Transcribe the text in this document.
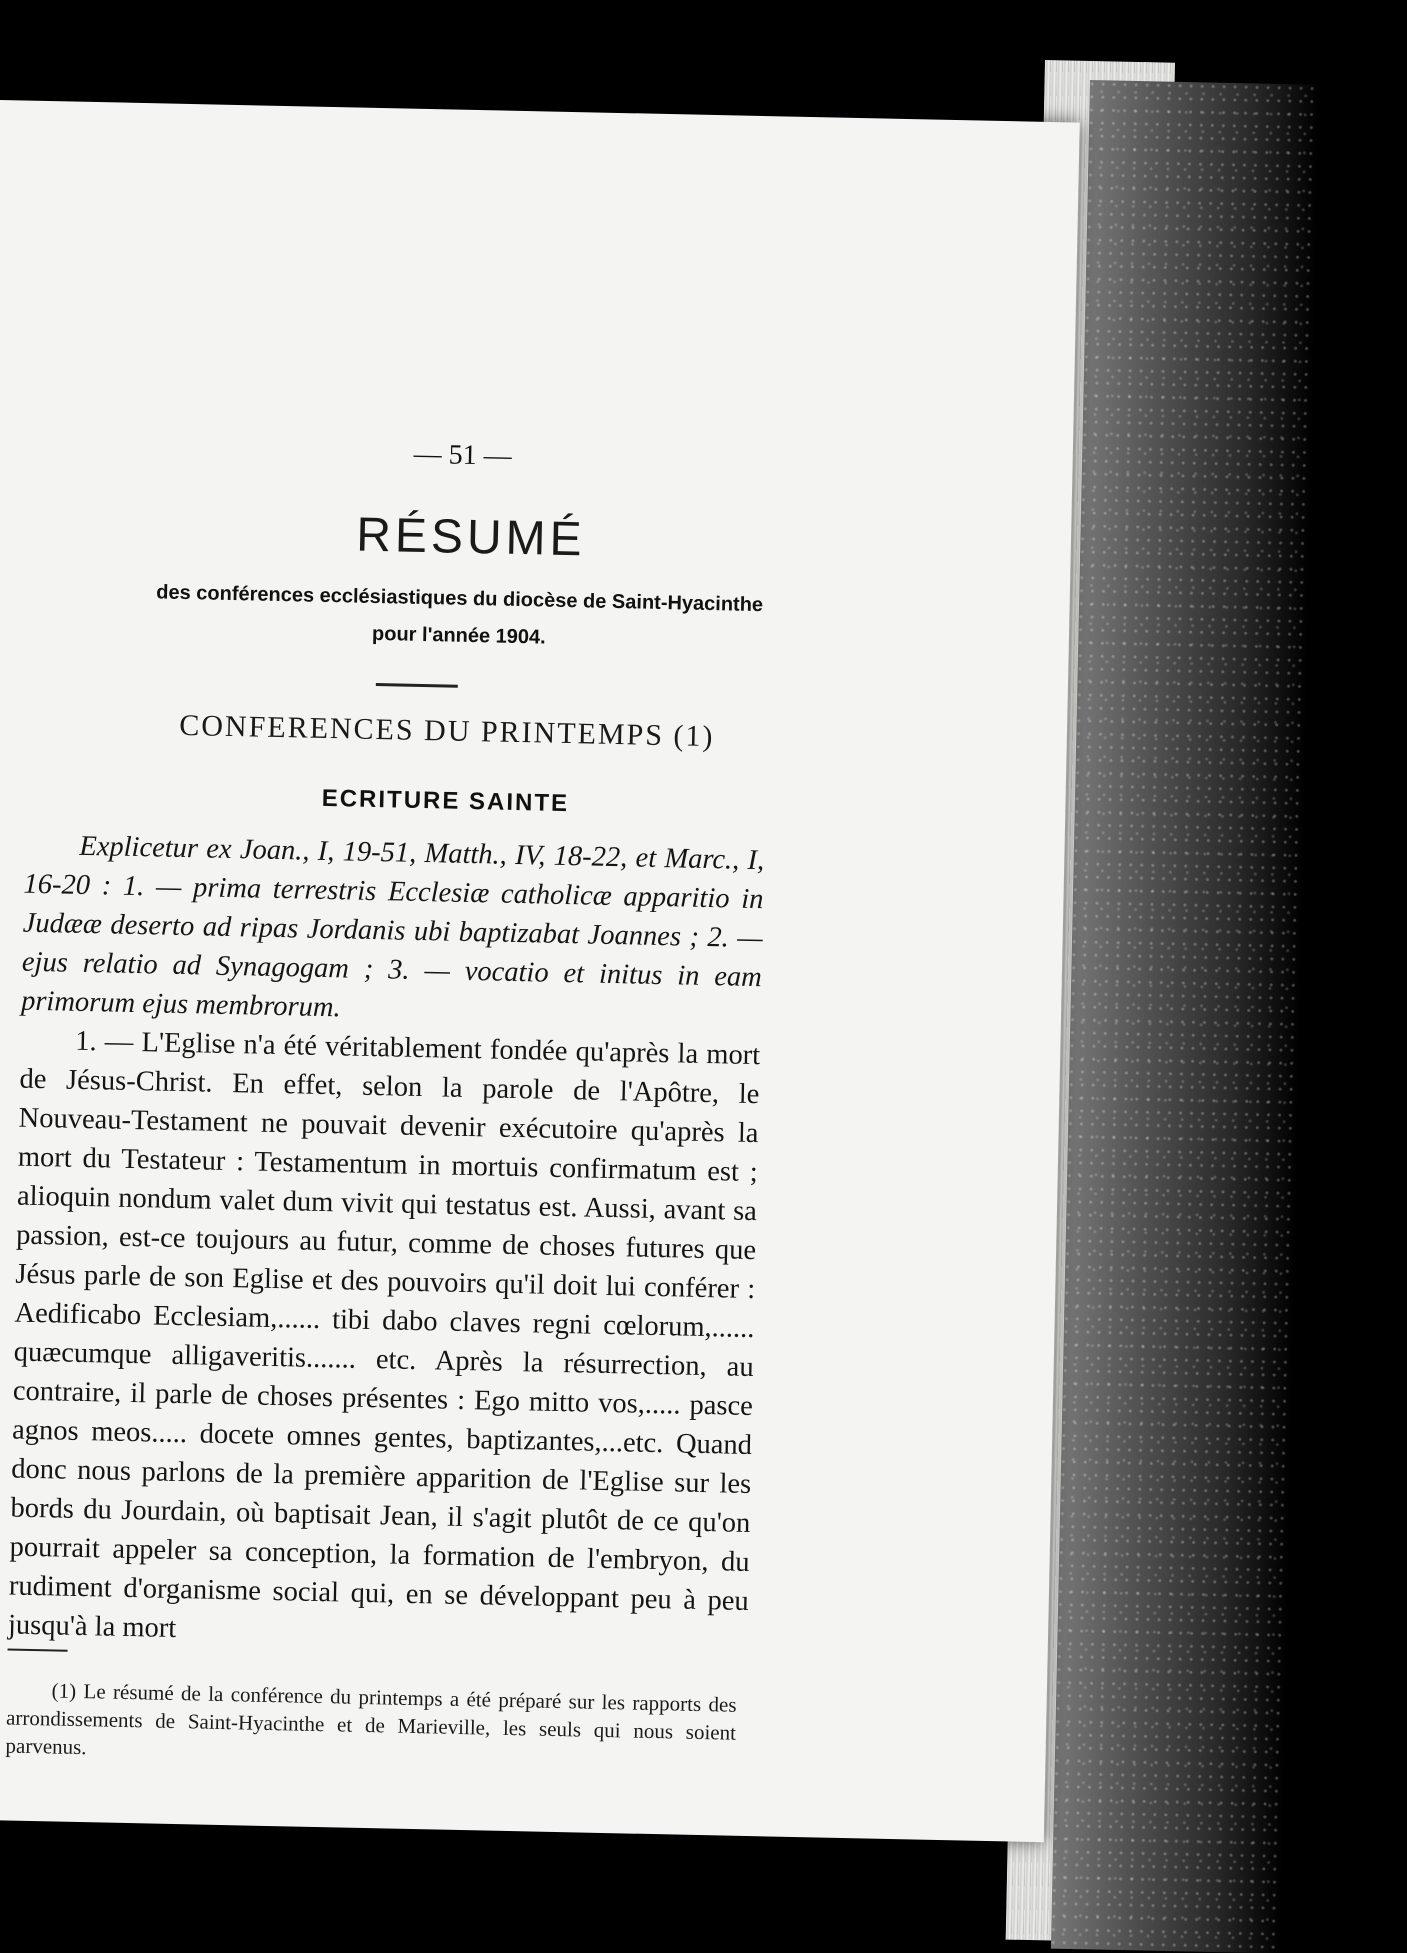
— 51 —
RÉSUMÉ
des conférences ecclésiastiques du diocèse de Saint-Hyacinthe
pour l'année 1904.
CONFERENCES DU PRINTEMPS (1)
ECRITURE SAINTE

Explicetur ex Joan., I, 19-51, Matth., IV, 18-22, et Marc., I, 16-20 : 1. — prima terrestris Ecclesiæ catholicæ apparitio in Judææ deserto ad ripas Jordanis ubi baptizabat Joannes ; 2. — ejus relatio ad Synagogam ; 3. — vocatio et initus in eam primorum ejus membrorum.

1. — L'Eglise n'a été véritablement fondée qu'après la mort de Jésus-Christ. En effet, selon la parole de l'Apôtre, le Nouveau-Testament ne pouvait devenir exécutoire qu'après la mort du Testateur : Testamentum in mortuis confirmatum est ; alioquin nondum valet dum vivit qui testatus est. Aussi, avant sa passion, est-ce toujours au futur, comme de choses futures que Jésus parle de son Eglise et des pouvoirs qu'il doit lui conférer : Aedificabo Ecclesiam,...... tibi dabo claves regni cœlorum,...... quæcumque alligaveritis....... etc. Après la résurrection, au contraire, il parle de choses présentes : Ego mitto vos,..... pasce agnos meos..... docete omnes gentes, baptizantes,...etc. Quand donc nous parlons de la première apparition de l'Eglise sur les bords du Jourdain, où baptisait Jean, il s'agit plutôt de ce qu'on pourrait appeler sa conception, la formation de l'embryon, du rudiment d'organisme social qui, en se développant peu à peu jusqu'à la mort

(1) Le résumé de la conférence du printemps a été préparé sur les rapports des arrondissements de Saint-Hyacinthe et de Marieville, les seuls qui nous soient parvenus.
